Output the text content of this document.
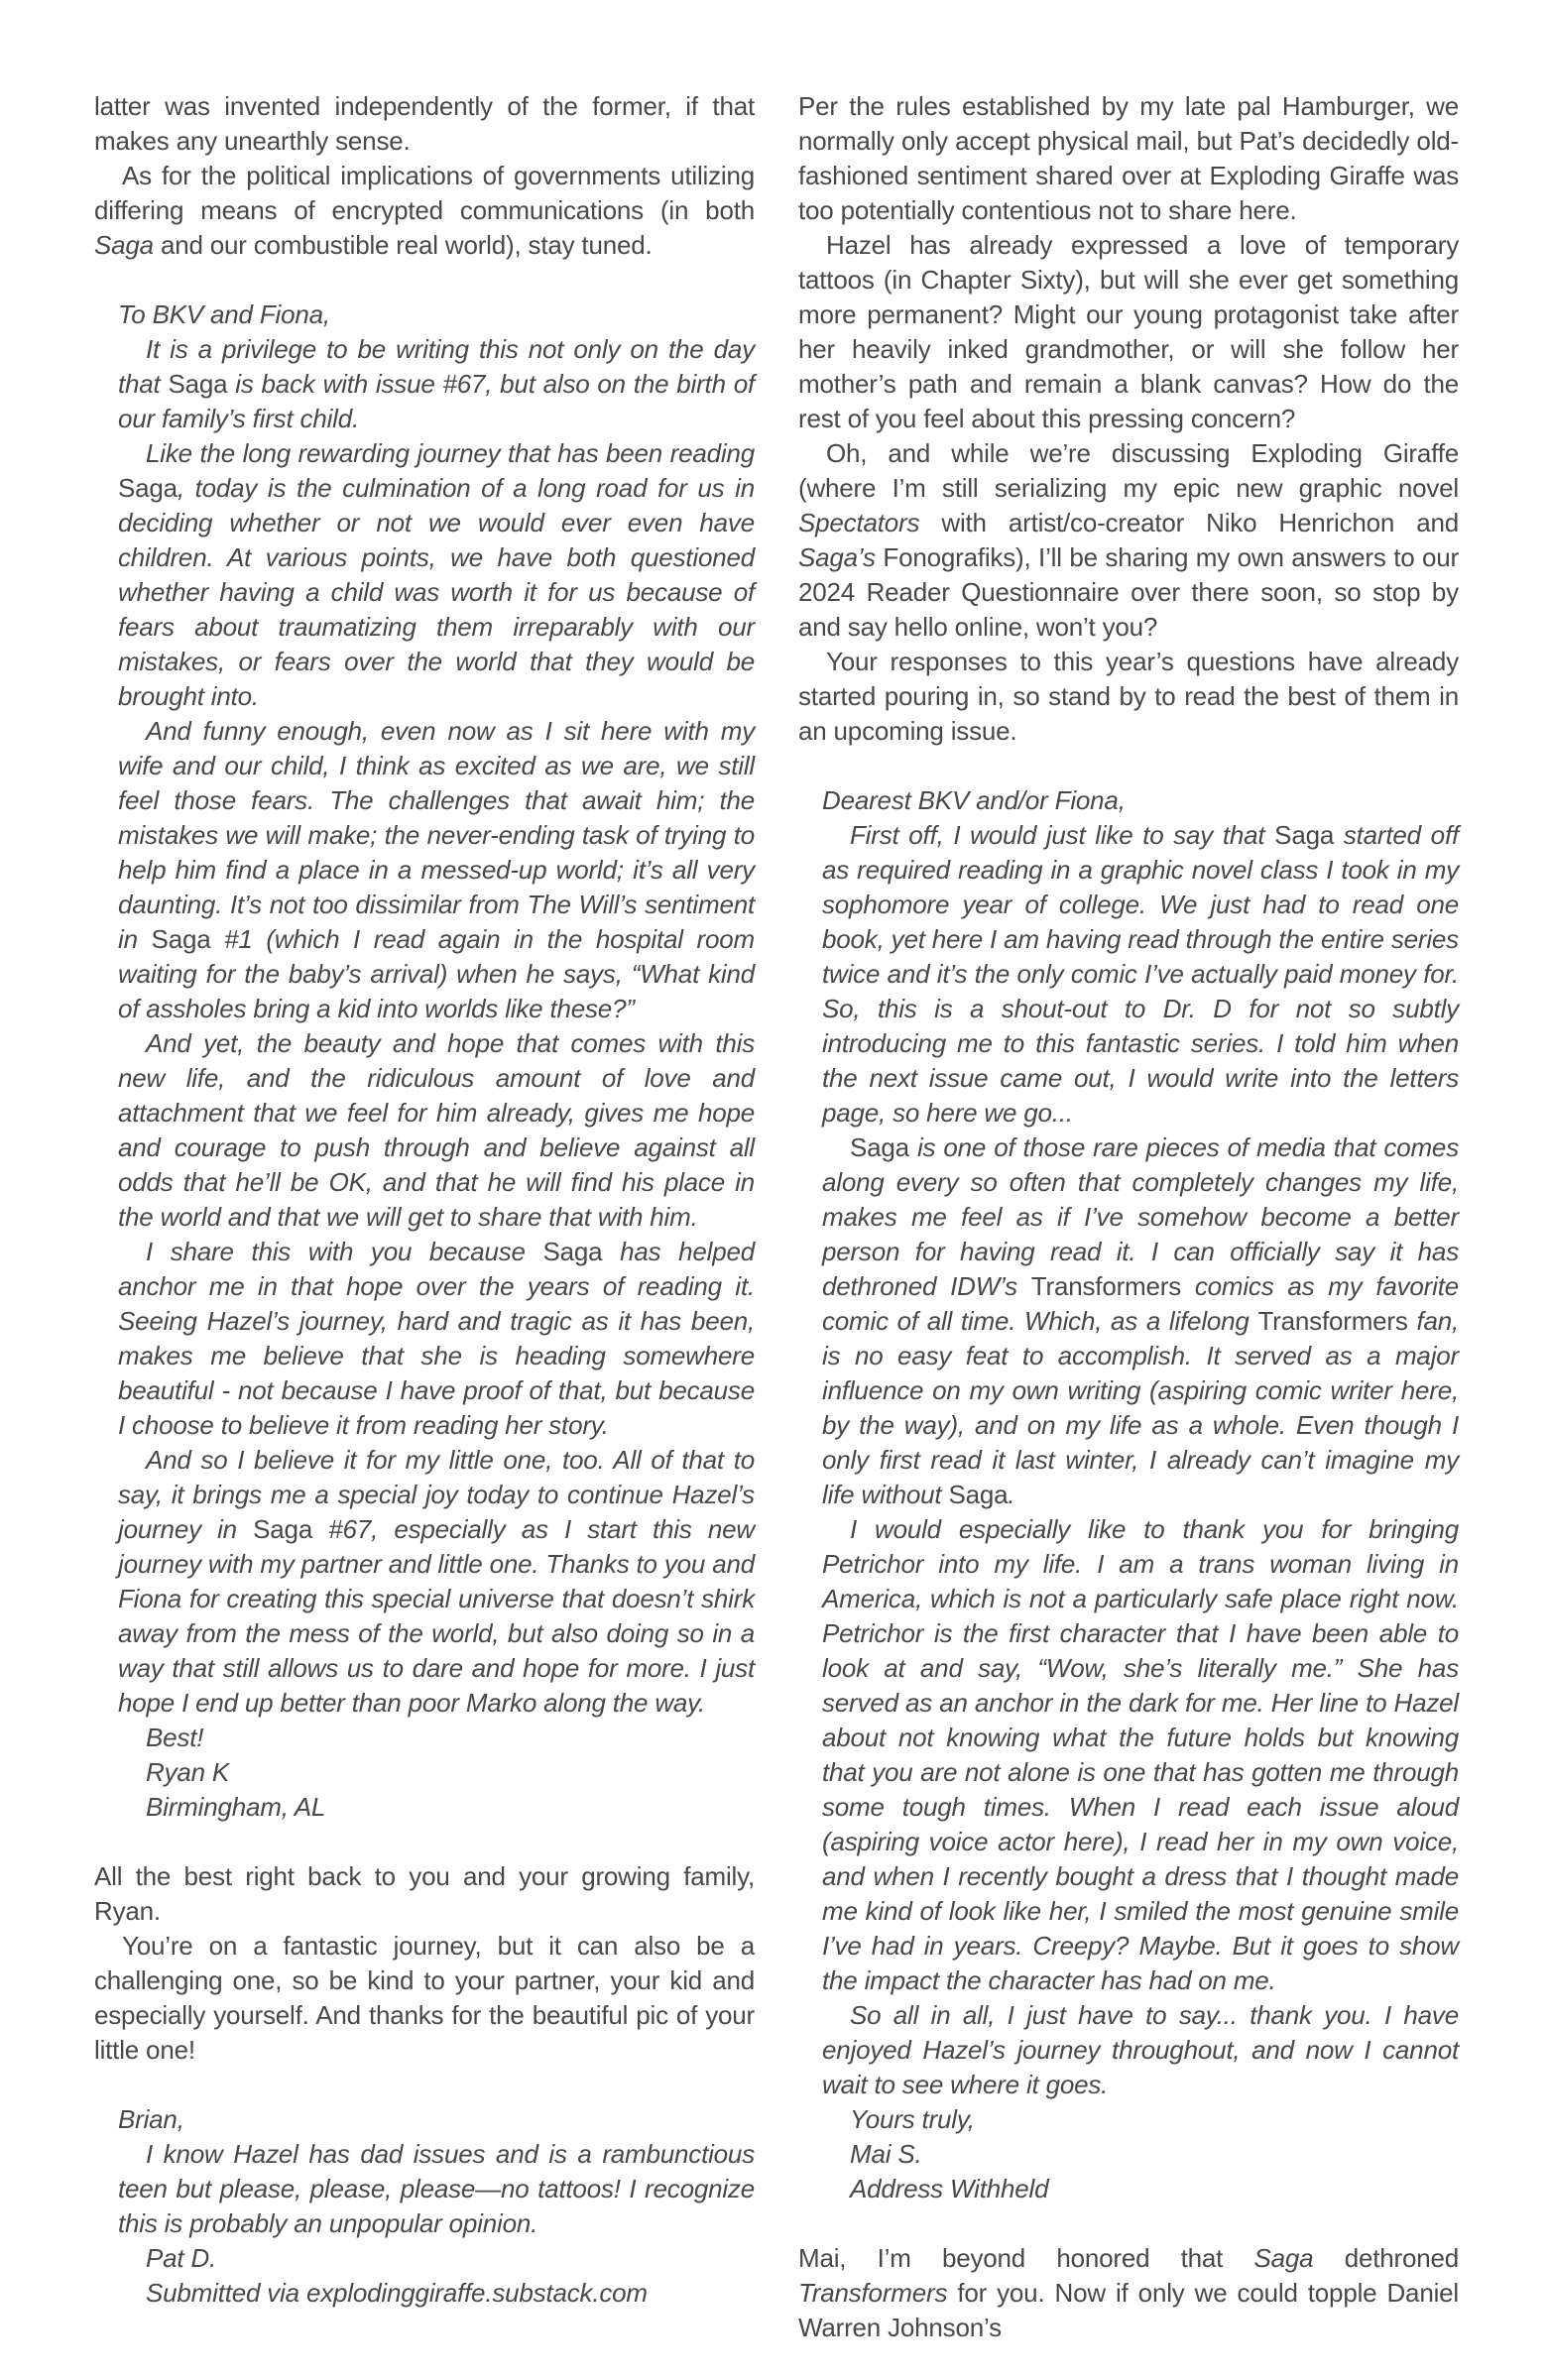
latter was invented independently of the former, if that makes any unearthly sense.

As for the political implications of governments utilizing differing means of encrypted communications (in both Saga and our combustible real world), stay tuned.

To BKV and Fiona,

It is a privilege to be writing this not only on the day that Saga is back with issue #67, but also on the birth of our family’s first child.

Like the long rewarding journey that has been reading Saga, today is the culmination of a long road for us in deciding whether or not we would ever even have children. At various points, we have both questioned whether having a child was worth it for us because of fears about traumatizing them irreparably with our mistakes, or fears over the world that they would be brought into.

And funny enough, even now as I sit here with my wife and our child, I think as excited as we are, we still feel those fears. The challenges that await him; the mistakes we will make; the never-ending task of trying to help him find a place in a messed-up world; it’s all very daunting. It’s not too dissimilar from The Will’s sentiment in Saga #1 (which I read again in the hospital room waiting for the baby’s arrival) when he says, “What kind of assholes bring a kid into worlds like these?”

And yet, the beauty and hope that comes with this new life, and the ridiculous amount of love and attachment that we feel for him already, gives me hope and courage to push through and believe against all odds that he’ll be OK, and that he will find his place in the world and that we will get to share that with him.

I share this with you because Saga has helped anchor me in that hope over the years of reading it. Seeing Hazel’s journey, hard and tragic as it has been, makes me believe that she is heading somewhere beautiful - not because I have proof of that, but because I choose to believe it from reading her story.

And so I believe it for my little one, too. All of that to say, it brings me a special joy today to continue Hazel’s journey in Saga #67, especially as I start this new journey with my partner and little one. Thanks to you and Fiona for creating this special universe that doesn’t shirk away from the mess of the world, but also doing so in a way that still allows us to dare and hope for more. I just hope I end up better than poor Marko along the way.

Best!

Ryan K

Birmingham, AL

All the best right back to you and your growing family, Ryan.

You’re on a fantastic journey, but it can also be a challenging one, so be kind to your partner, your kid and especially yourself. And thanks for the beautiful pic of your little one!

Brian,

I know Hazel has dad issues and is a rambunctious teen but please, please, please—no tattoos! I recognize this is probably an unpopular opinion.

Pat D.

Submitted via explodinggiraffe.substack.com

Per the rules established by my late pal Hamburger, we normally only accept physical mail, but Pat’s decidedly old-fashioned sentiment shared over at Exploding Giraffe was too potentially contentious not to share here.

Hazel has already expressed a love of temporary tattoos (in Chapter Sixty), but will she ever get something more permanent? Might our young protagonist take after her heavily inked grandmother, or will she follow her mother’s path and remain a blank canvas? How do the rest of you feel about this pressing concern?

Oh, and while we’re discussing Exploding Giraffe (where I’m still serializing my epic new graphic novel Spectators with artist/co-creator Niko Henrichon and Saga’s Fonografiks), I’ll be sharing my own answers to our 2024 Reader Questionnaire over there soon, so stop by and say hello online, won’t you?

Your responses to this year’s questions have already started pouring in, so stand by to read the best of them in an upcoming issue.

Dearest BKV and/or Fiona,

First off, I would just like to say that Saga started off as required reading in a graphic novel class I took in my sophomore year of college. We just had to read one book, yet here I am having read through the entire series twice and it’s the only comic I’ve actually paid money for. So, this is a shout-out to Dr. D for not so subtly introducing me to this fantastic series. I told him when the next issue came out, I would write into the letters page, so here we go...

Saga is one of those rare pieces of media that comes along every so often that completely changes my life, makes me feel as if I’ve somehow become a better person for having read it. I can officially say it has dethroned IDW’s Transformers comics as my favorite comic of all time. Which, as a lifelong Transformers fan, is no easy feat to accomplish. It served as a major influence on my own writing (aspiring comic writer here, by the way), and on my life as a whole. Even though I only first read it last winter, I already can’t imagine my life without Saga.

I would especially like to thank you for bringing Petrichor into my life. I am a trans woman living in America, which is not a particularly safe place right now. Petrichor is the first character that I have been able to look at and say, “Wow, she’s literally me.” She has served as an anchor in the dark for me. Her line to Hazel about not knowing what the future holds but knowing that you are not alone is one that has gotten me through some tough times. When I read each issue aloud (aspiring voice actor here), I read her in my own voice, and when I recently bought a dress that I thought made me kind of look like her, I smiled the most genuine smile I’ve had in years. Creepy? Maybe. But it goes to show the impact the character has had on me.

So all in all, I just have to say... thank you. I have enjoyed Hazel’s journey throughout, and now I cannot wait to see where it goes.

Yours truly,

Mai S.

Address Withheld

Mai, I’m beyond honored that Saga dethroned Transformers for you. Now if only we could topple Daniel Warren Johnson’s
